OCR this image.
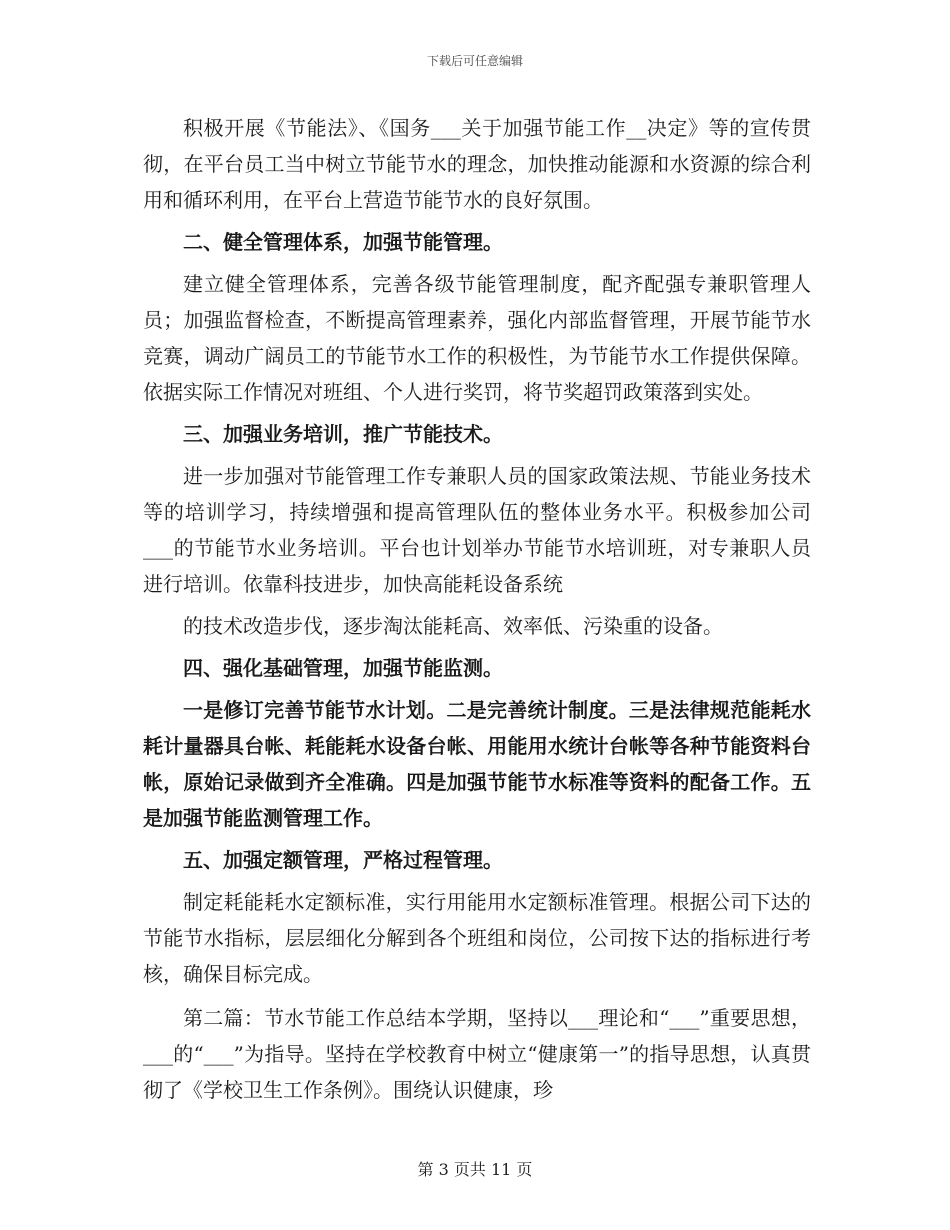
下载后可任意编辑

积极开展《节能法》、《国务___关于加强节能工作__决定》等的宣传贯彻，在平台员工当中树立节能节水的理念，加快推动能源和水资源的综合利用和循环利用，在平台上营造节能节水的良好氛围。

二、健全管理体系，加强节能管理。

建立健全管理体系，完善各级节能管理制度，配齐配强专兼职管理人员；加强监督检查，不断提高管理素养，强化内部监督管理，开展节能节水竞赛，调动广阔员工的节能节水工作的积极性，为节能节水工作提供保障。依据实际工作情况对班组、个人进行奖罚，将节奖超罚政策落到实处。

三、加强业务培训，推广节能技术。

进一步加强对节能管理工作专兼职人员的国家政策法规、节能业务技术等的培训学习，持续增强和提高管理队伍的整体业务水平。积极参加公司___的节能节水业务培训。平台也计划举办节能节水培训班，对专兼职人员进行培训。依靠科技进步，加快高能耗设备系统

的技术改造步伐，逐步淘汰能耗高、效率低、污染重的设备。

四、强化基础管理，加强节能监测。

一是修订完善节能节水计划。二是完善统计制度。三是法律规范能耗水耗计量器具台帐、耗能耗水设备台帐、用能用水统计台帐等各种节能资料台帐，原始记录做到齐全准确。四是加强节能节水标准等资料的配备工作。五是加强节能监测管理工作。

五、加强定额管理，严格过程管理。

制定耗能耗水定额标准，实行用能用水定额标准管理。根据公司下达的节能节水指标，层层细化分解到各个班组和岗位，公司按下达的指标进行考核，确保目标完成。

第二篇：节水节能工作总结本学期，坚持以___理论和“___”重要思想，___的“___”为指导。坚持在学校教育中树立“健康第一”的指导思想，认真贯彻了《学校卫生工作条例》。围绕认识健康，珍

第 3 页共 11 页
